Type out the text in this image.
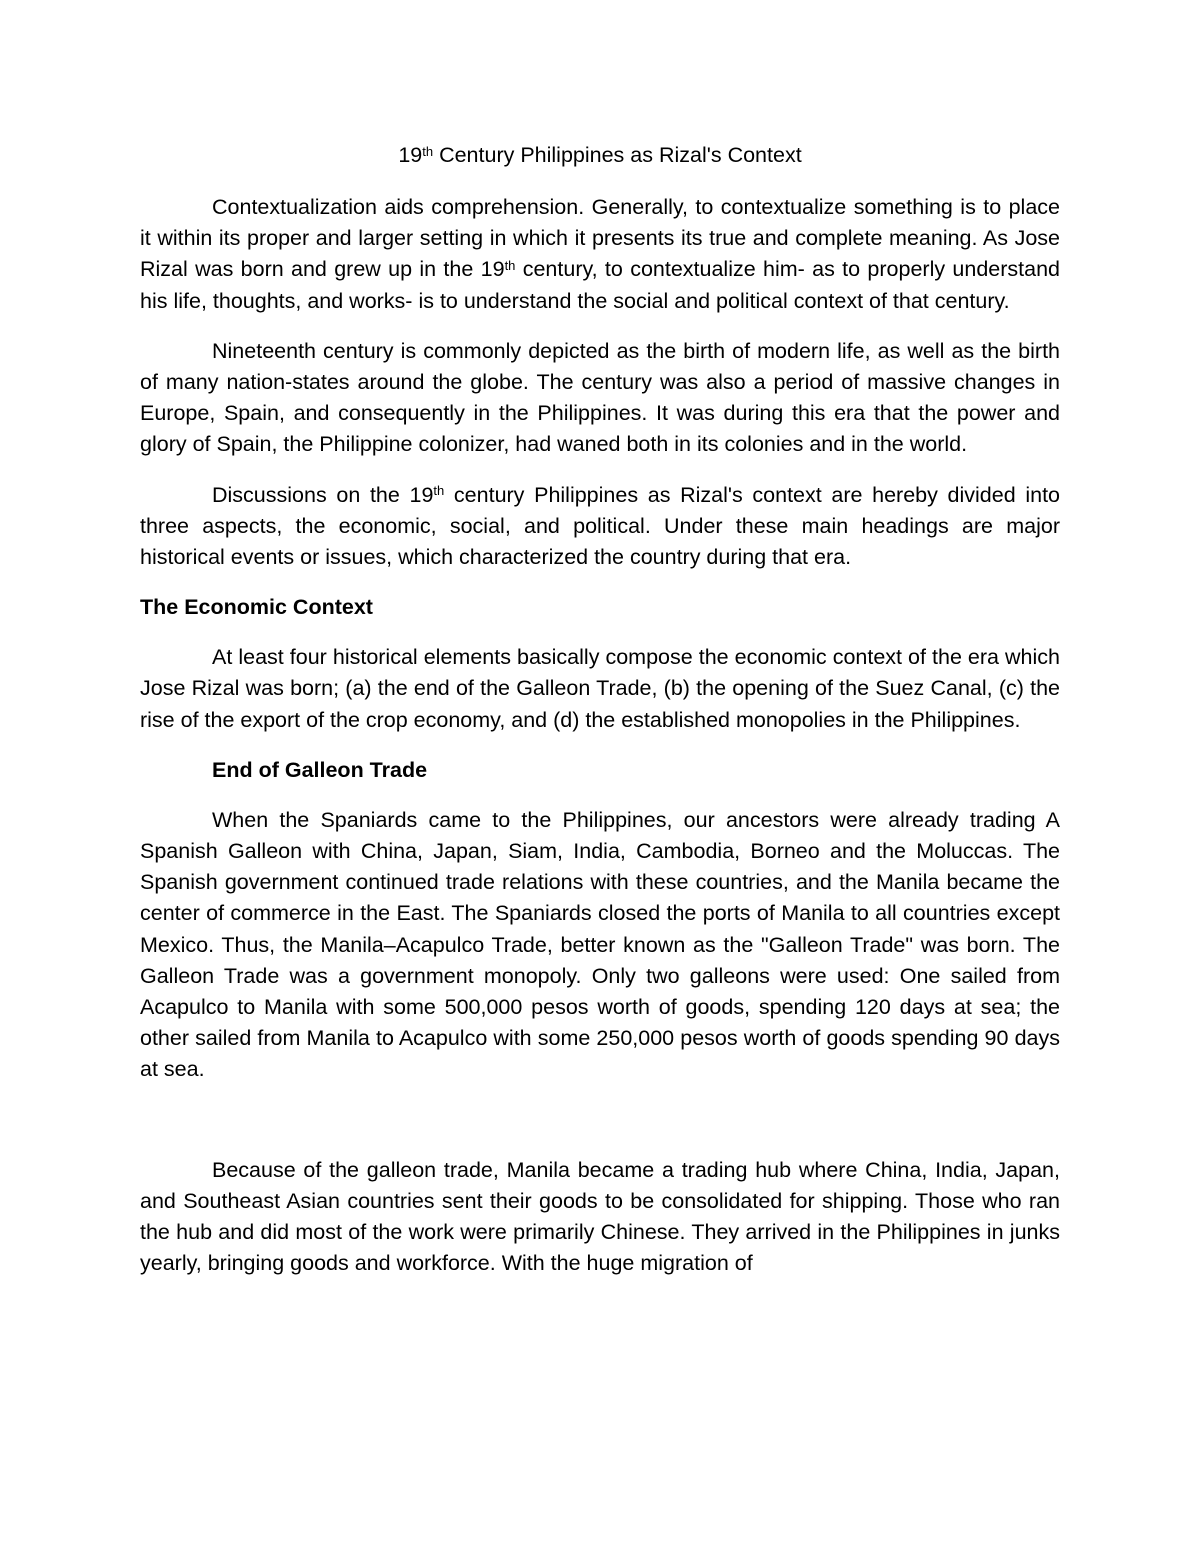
19th Century Philippines as Rizal's Context

Contextualization aids comprehension. Generally, to contextualize something is to place it within its proper and larger setting in which it presents its true and complete meaning. As Jose Rizal was born and grew up in the 19th century, to contextualize him- as to properly understand his life, thoughts, and works- is to understand the social and political context of that century.

Nineteenth century is commonly depicted as the birth of modern life, as well as the birth of many nation-states around the globe. The century was also a period of massive changes in Europe, Spain, and consequently in the Philippines. It was during this era that the power and glory of Spain, the Philippine colonizer, had waned both in its colonies and in the world.

Discussions on the 19th century Philippines as Rizal's context are hereby divided into three aspects, the economic, social, and political. Under these main headings are major historical events or issues, which characterized the country during that era.

The Economic Context

At least four historical elements basically compose the economic context of the era which Jose Rizal was born; (a) the end of the Galleon Trade, (b) the opening of the Suez Canal, (c) the rise of the export of the crop economy, and (d) the established monopolies in the Philippines.

End of Galleon Trade

When the Spaniards came to the Philippines, our ancestors were already trading A Spanish Galleon with China, Japan, Siam, India, Cambodia, Borneo and the Moluccas. The Spanish government continued trade relations with these countries, and the Manila became the center of commerce in the East. The Spaniards closed the ports of Manila to all countries except Mexico. Thus, the Manila–Acapulco Trade, better known as the "Galleon Trade" was born. The Galleon Trade was a government monopoly. Only two galleons were used: One sailed from Acapulco to Manila with some 500,000 pesos worth of goods, spending 120 days at sea; the other sailed from Manila to Acapulco with some 250,000 pesos worth of goods spending 90 days at sea.

Because of the galleon trade, Manila became a trading hub where China, India, Japan, and Southeast Asian countries sent their goods to be consolidated for shipping. Those who ran the hub and did most of the work were primarily Chinese. They arrived in the Philippines in junks yearly, bringing goods and workforce. With the huge migration of
